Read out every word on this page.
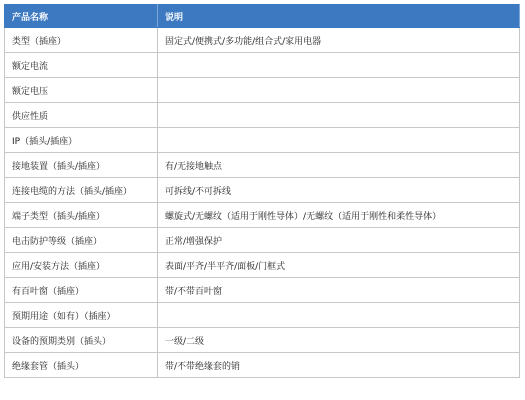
产品名称	说明
类型（插座）	固定式/便携式/多功能/组合式/家用电器
额定电流	
额定电压	
供应性质	
IP（插头/插座）	
接地装置（插头/插座）	有/无接地触点
连接电缆的方法（插头/插座）	可拆线/不可拆线
端子类型（插头/插座）	螺旋式/无螺纹（适用于刚性导体）/无螺纹（适用于刚性和柔性导体）
电击防护等级（插座）	正常/增强保护
应用/安装方法（插座）	表面/平齐/半平齐/面板/门框式
有百叶窗（插座）	带/不带百叶窗
预期用途（如有）（插座）	
设备的预期类别（插头）	一级/二级
绝缘套管（插头）	带/不带绝缘套的销
